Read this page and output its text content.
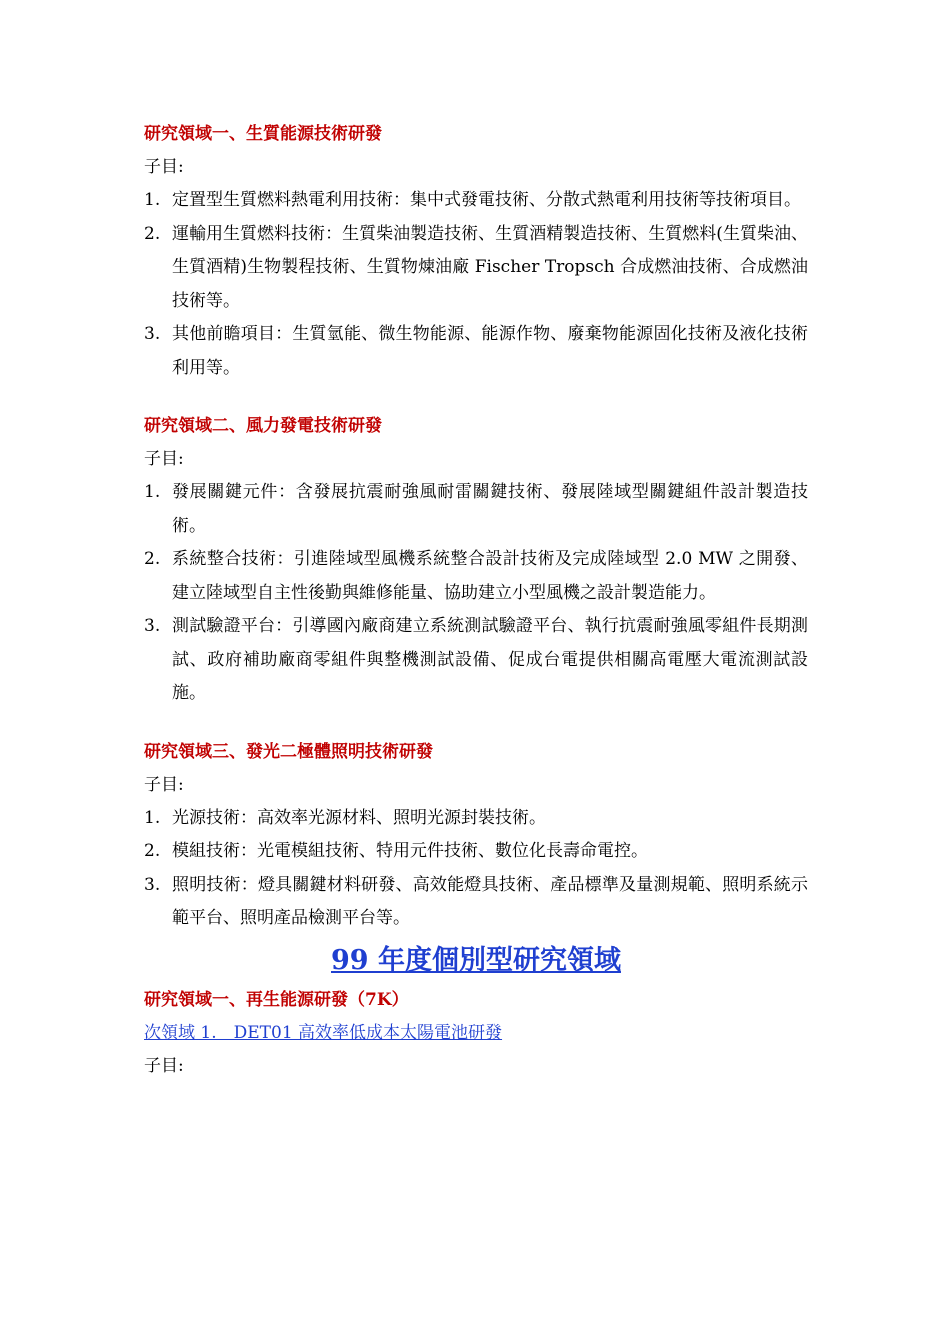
研究領域一、生質能源技術研發

子目:

1. 定置型生質燃料熱電利用技術：集中式發電技術、分散式熱電利用技術等技術項目。
2. 運輸用生質燃料技術：生質柴油製造技術、生質酒精製造技術、生質燃料(生質柴油、生質酒精)生物製程技術、生質物煉油廠 Fischer Tropsch 合成燃油技術、合成燃油技術等。
3. 其他前瞻項目：生質氫能、微生物能源、能源作物、廢棄物能源固化技術及液化技術利用等。

研究領域二、風力發電技術研發

子目:

1. 發展關鍵元件：含發展抗震耐強風耐雷關鍵技術、發展陸域型關鍵組件設計製造技術。
2. 系統整合技術：引進陸域型風機系統整合設計技術及完成陸域型 2.0 MW 之開發、建立陸域型自主性後勤與維修能量、協助建立小型風機之設計製造能力。
3. 測試驗證平台：引導國內廠商建立系統測試驗證平台、執行抗震耐強風零組件長期測試、政府補助廠商零組件與整機測試設備、促成台電提供相關高電壓大電流測試設施。

研究領域三、發光二極體照明技術研發

子目:

1. 光源技術：高效率光源材料、照明光源封裝技術。
2. 模組技術：光電模組技術、特用元件技術、數位化長壽命電控。
3. 照明技術：燈具關鍵材料研發、高效能燈具技術、產品標準及量測規範、照明系統示範平台、照明產品檢測平台等。
99 年度個別型研究領域

研究領域一、再生能源研發（7K）

次領域 1.　DET01 高效率低成本太陽電池研發

子目:
